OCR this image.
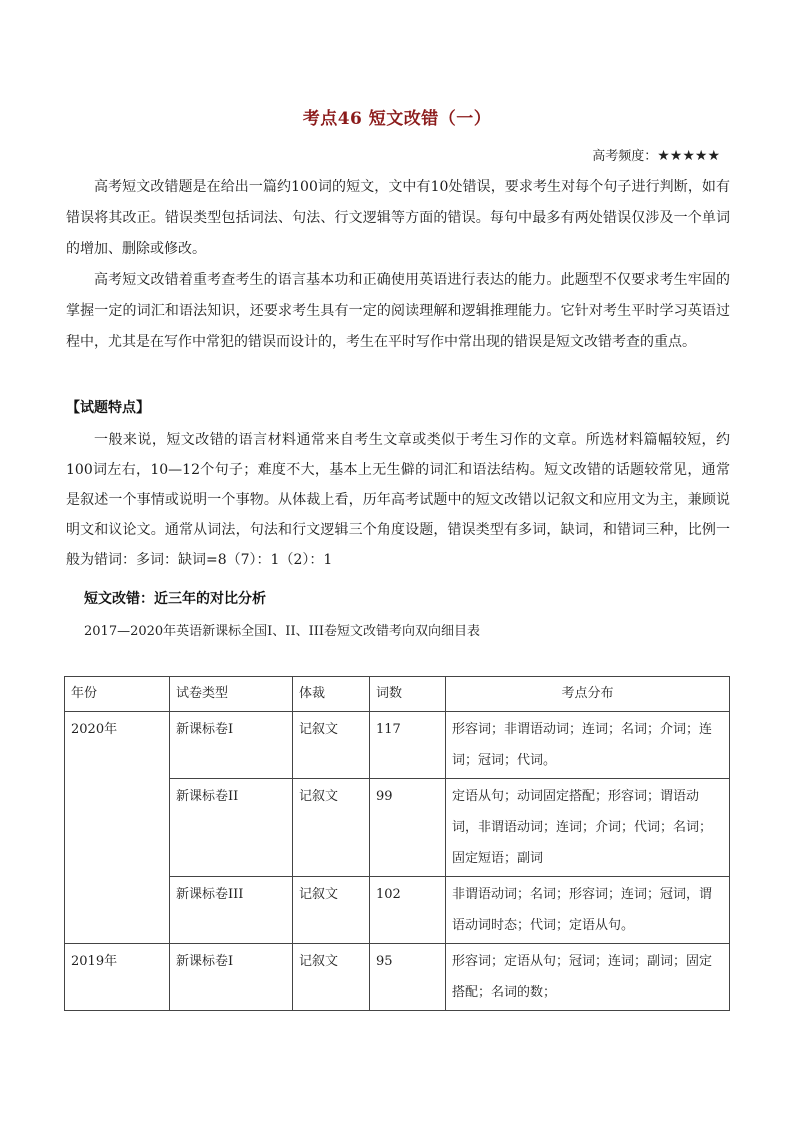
考点46 短文改错（一）
高考频度：★★★★★

高考短文改错题是在给出一篇约100词的短文，文中有10处错误，要求考生对每个句子进行判断，如有错误将其改正。错误类型包括词法、句法、行文逻辑等方面的错误。每句中最多有两处错误仅涉及一个单词的增加、删除或修改。

高考短文改错着重考查考生的语言基本功和正确使用英语进行表达的能力。此题型不仅要求考生牢固的掌握一定的词汇和语法知识，还要求考生具有一定的阅读理解和逻辑推理能力。它针对考生平时学习英语过程中，尤其是在写作中常犯的错误而设计的，考生在平时写作中常出现的错误是短文改错考查的重点。

【试题特点】

一般来说，短文改错的语言材料通常来自考生文章或类似于考生习作的文章。所选材料篇幅较短，约100词左右，10—12个句子；难度不大，基本上无生僻的词汇和语法结构。短文改错的话题较常见，通常是叙述一个事情或说明一个事物。从体裁上看，历年高考试题中的短文改错以记叙文和应用文为主，兼顾说明文和议论文。通常从词法，句法和行文逻辑三个角度设题，错误类型有多词，缺词，和错词三种，比例一般为错词：多词：缺词=8（7）：1（2）：1

短文改错：近三年的对比分析
2017—2020年英语新课标全国I、II、III卷短文改错考向双向细目表
年份	试卷类型	体裁	词数	考点分布
2020年	新课标卷I	记叙文	117	形容词；非谓语动词；连词；名词；介词；连词；冠词；代词。
	新课标卷II	记叙文	99	定语从句；动词固定搭配；形容词；谓语动词，非谓语动词；连词；介词；代词；名词；固定短语；副词
	新课标卷III	记叙文	102	非谓语动词；名词；形容词；连词；冠词，谓语动词时态；代词；定语从句。
2019年	新课标卷I	记叙文	95	形容词；定语从句；冠词；连词；副词；固定搭配；名词的数；
